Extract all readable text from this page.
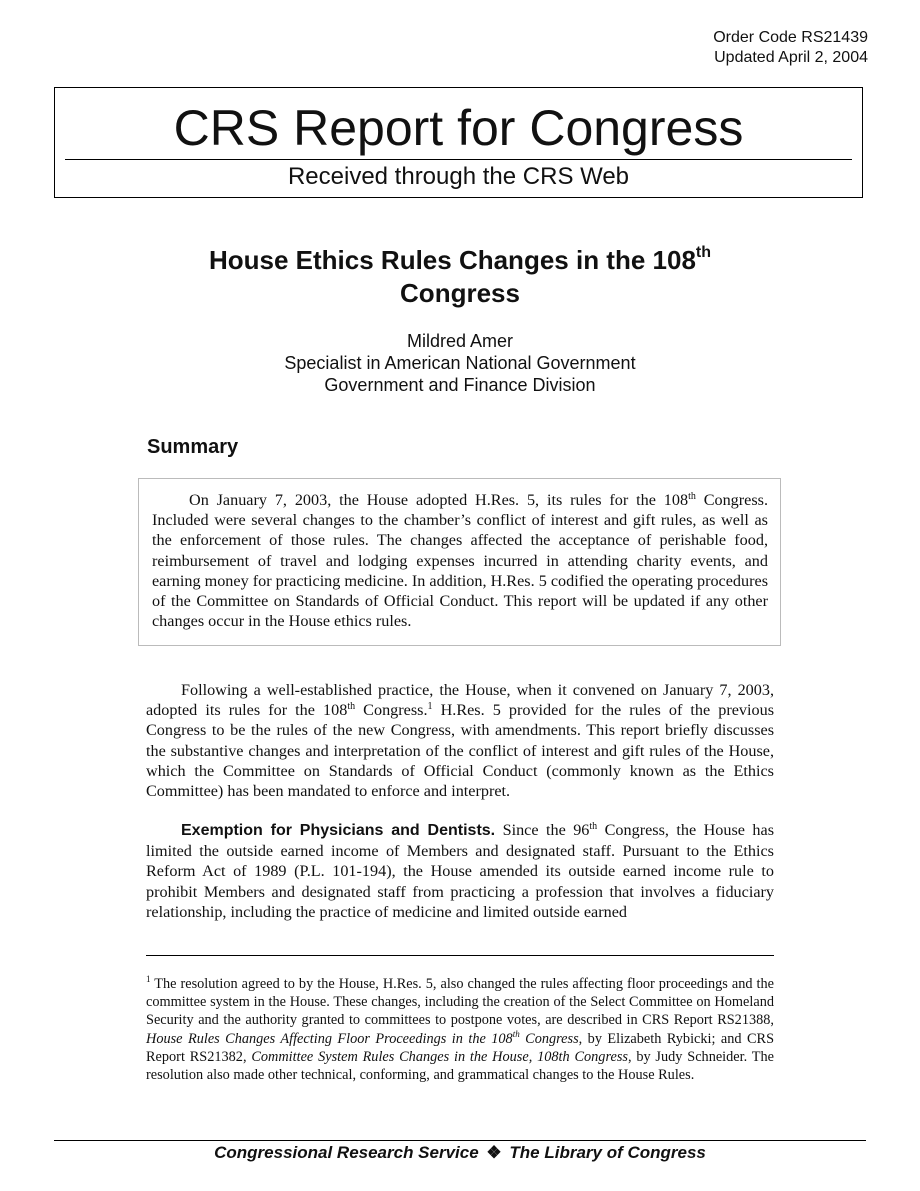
Order Code RS21439
Updated April 2, 2004
CRS Report for Congress
Received through the CRS Web
House Ethics Rules Changes in the 108th
Congress
Mildred Amer
Specialist in American National Government
Government and Finance Division
Summary

On January 7, 2003, the House adopted H.Res. 5, its rules for the 108th Congress. Included were several changes to the chamber’s conflict of interest and gift rules, as well as the enforcement of those rules. The changes affected the acceptance of perishable food, reimbursement of travel and lodging expenses incurred in attending charity events, and earning money for practicing medicine. In addition, H.Res. 5 codified the operating procedures of the Committee on Standards of Official Conduct. This report will be updated if any other changes occur in the House ethics rules.

Following a well-established practice, the House, when it convened on January 7, 2003, adopted its rules for the 108th Congress.$^1$ H.Res. 5 provided for the rules of the previous Congress to be the rules of the new Congress, with amendments. This report briefly discusses the substantive changes and interpretation of the conflict of interest and gift rules of the House, which the Committee on Standards of Official Conduct (commonly known as the Ethics Committee) has been mandated to enforce and interpret.

Exemption for Physicians and Dentists. Since the 96th Congress, the House has limited the outside earned income of Members and designated staff. Pursuant to the Ethics Reform Act of 1989 (P.L. 101-194), the House amended its outside earned income rule to prohibit Members and designated staff from practicing a profession that involves a fiduciary relationship, including the practice of medicine and limited outside earned

$^1$ The resolution agreed to by the House, H.Res. 5, also changed the rules affecting floor proceedings and the committee system in the House. These changes, including the creation of the Select Committee on Homeland Security and the authority granted to committees to postpone votes, are described in CRS Report RS21388, House Rules Changes Affecting Floor Proceedings in the 108th Congress, by Elizabeth Rybicki; and CRS Report RS21382, Committee System Rules Changes in the House, 108th Congress, by Judy Schneider. The resolution also made other technical, conforming, and grammatical changes to the House Rules.

Congressional Research Service ❖ The Library of Congress
